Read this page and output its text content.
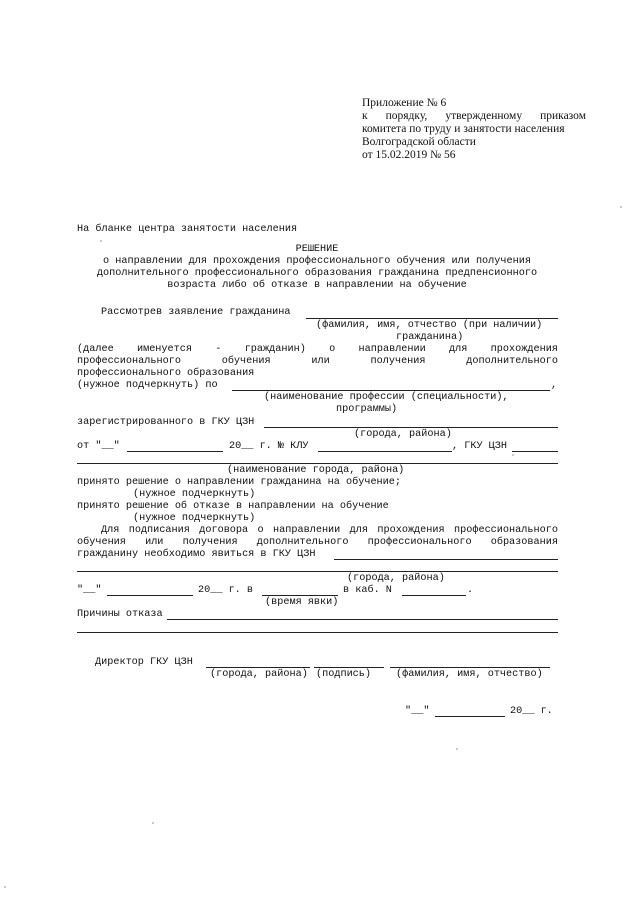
Приложение № 6
к порядку, утвержденному приказом
комитета по труду и занятости населения
Волгоградской области
от 15.02.2019 № 56
На бланке центра занятости населения
РЕШЕНИЕ
о направлении для прохождения профессионального обучения или получения
дополнительного профессионального образования гражданина предпенсионного
возраста либо об отказе в направлении на обучение
Рассмотрев заявление гражданина
(фамилия, имя, отчество (при наличии)
гражданина)
(далее именуется - гражданин) о направлении для прохождения
профессионального	обучения	или	получения	дополнительного
профессионального образования
(нужное подчеркнуть) по	,
(наименование профессии (специальности),
программы)
зарегистрированного в ГКУ ЦЗН
(города, района)
от "__"	20__ г. № КЛУ	, ГКУ ЦЗН
(наименование города, района)
принято решение о направлении гражданина на обучение;
(нужное подчеркнуть)
принято решение об отказе в направлении на обучение
(нужное подчеркнуть)
Для подписания договора о направлении для прохождения профессионального
обучения или получения дополнительного профессионального образования
гражданину необходимо явиться в ГКУ ЦЗН
(города, района)
"__"	20__ г. в	в каб. N	.
(время явки)
Причины отказа
Директор ГКУ ЦЗН
(города, района) (подпись) (фамилия, имя, отчество)
"__"	20__ г.
